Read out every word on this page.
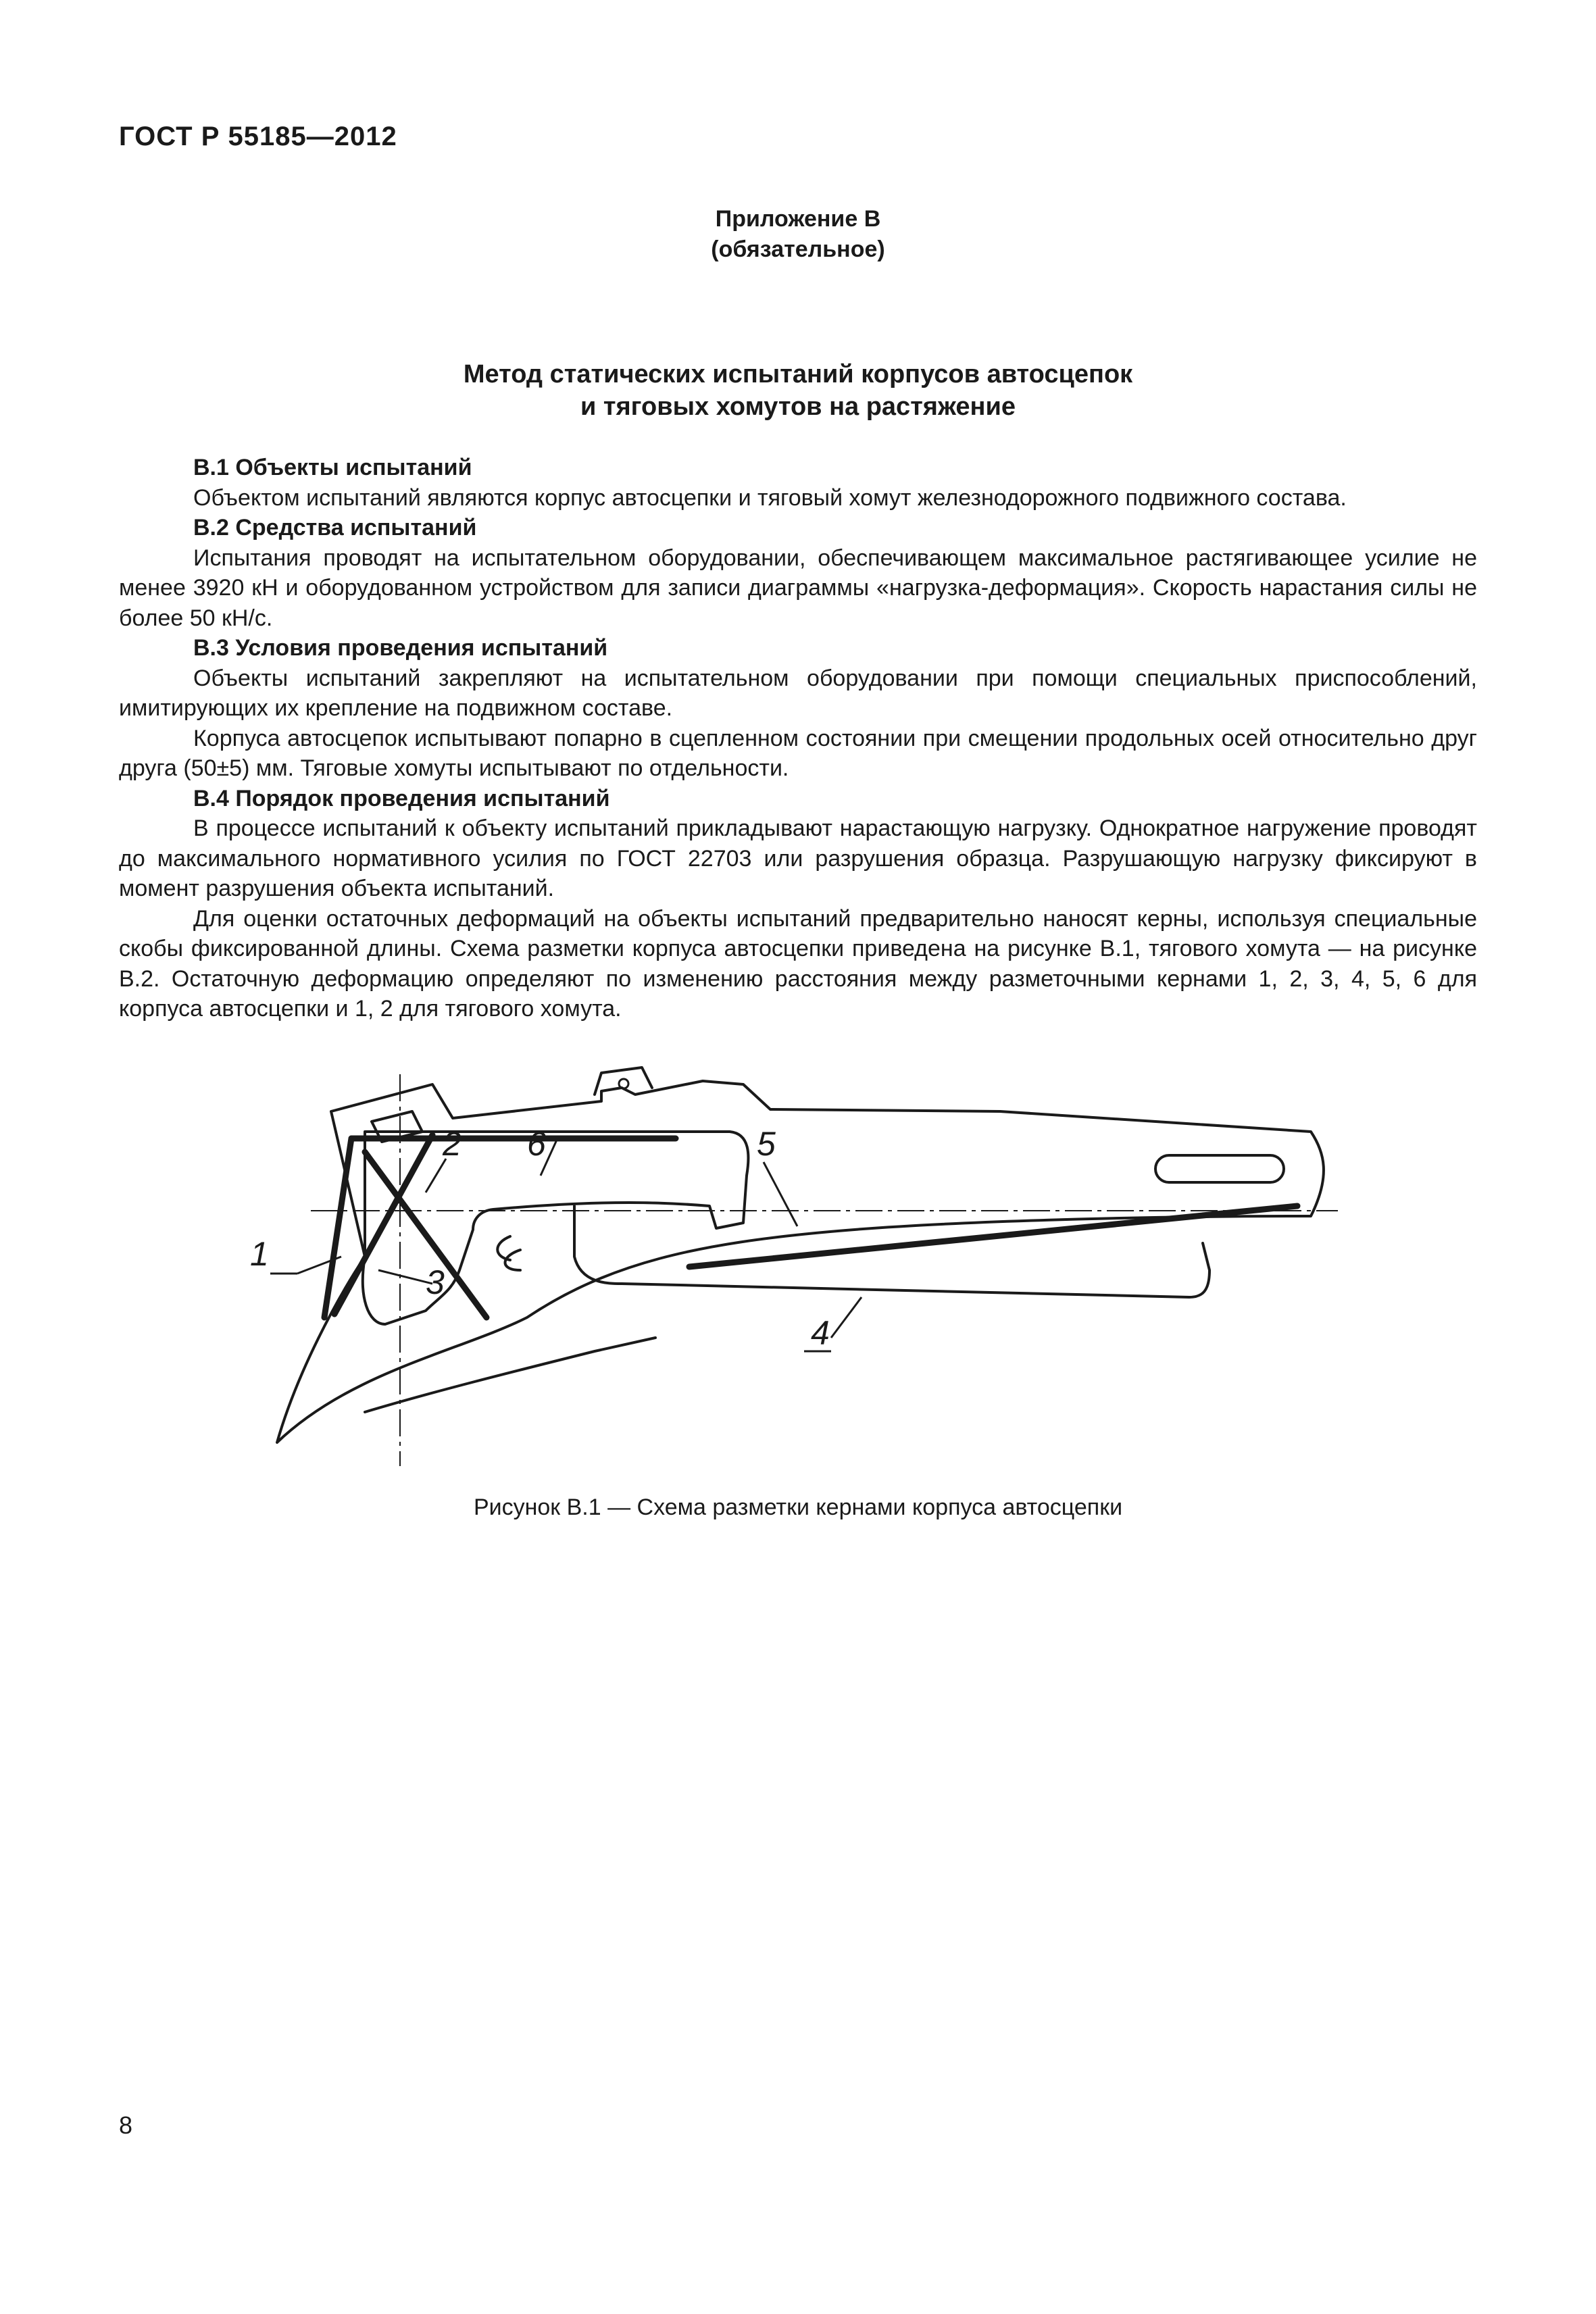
ГОСТ Р 55185—2012
Приложение В
(обязательное)
Метод статических испытаний корпусов автосцепок
и тяговых хомутов на растяжение
В.1 Объекты испытаний

Объектом испытаний являются корпус автосцепки и тяговый хомут железнодорожного подвижного состава.

В.2 Средства испытаний

Испытания проводят на испытательном оборудовании, обеспечивающем максимальное растягивающее усилие не менее 3920 кН и оборудованном устройством для записи диаграммы «нагрузка-деформация». Скорость нарастания силы не более 50 кН/с.

В.3 Условия проведения испытаний

Объекты испытаний закрепляют на испытательном оборудовании при помощи специальных приспособлений, имитирующих их крепление на подвижном составе.

Корпуса автосцепок испытывают попарно в сцепленном состоянии при смещении продольных осей относительно друг друга (50±5) мм. Тяговые хомуты испытывают по отдельности.

В.4 Порядок проведения испытаний

В процессе испытаний к объекту испытаний прикладывают нарастающую нагрузку. Однократное нагружение проводят до максимального нормативного усилия по ГОСТ 22703 или разрушения образца. Разрушающую нагрузку фиксируют в момент разрушения объекта испытаний.

Для оценки остаточных деформаций на объекты испытаний предварительно наносят керны, используя специальные скобы фиксированной длины. Схема разметки корпуса автосцепки приведена на рисунке В.1, тягового хомута — на рисунке В.2. Остаточную деформацию определяют по изменению расстояния между разметочными кернами 1, 2, 3, 4, 5, 6 для корпуса автосцепки и 1, 2 для тягового хомута.

1
2
3
4
5
6
Рисунок В.1 — Схема разметки кернами корпуса автосцепки
8
